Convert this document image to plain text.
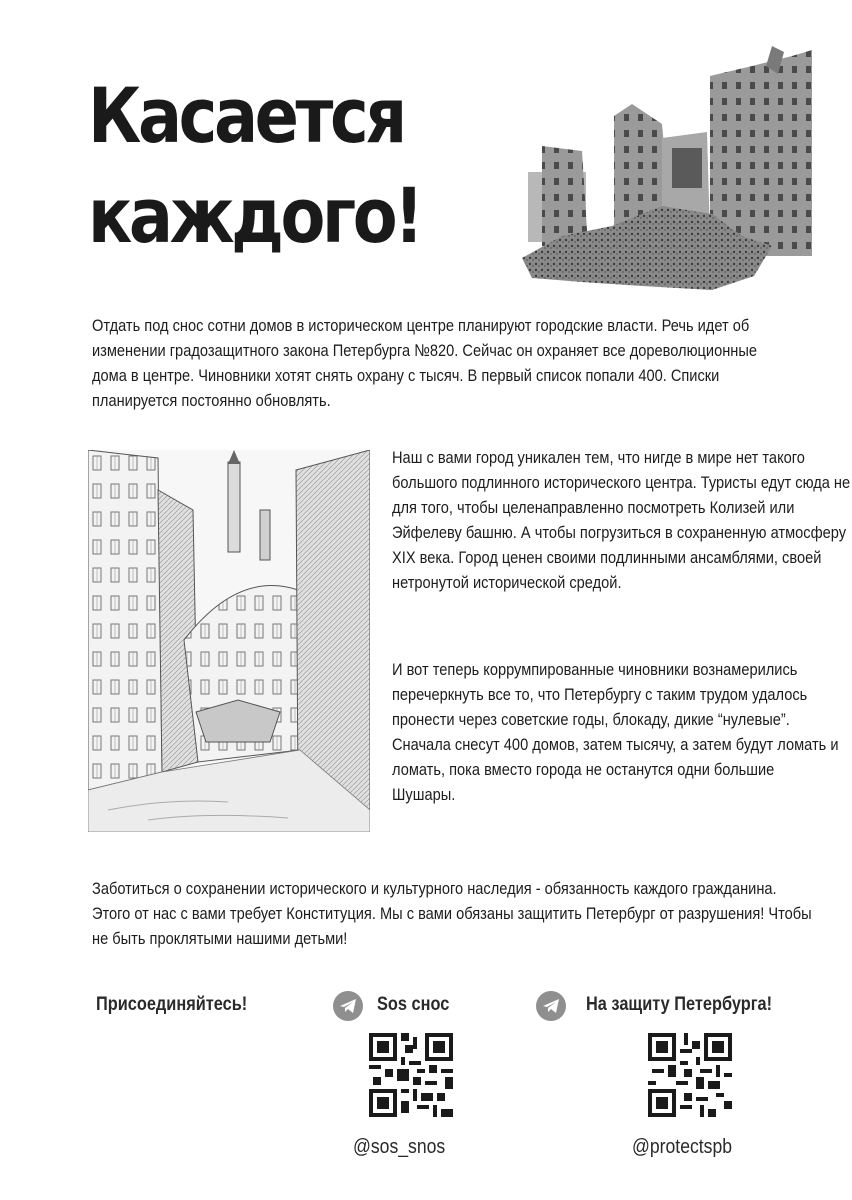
Касается
каждого!

Отдать под снос сотни домов в историческом центре планируют городские власти. Речь идет об изменении градозащитного закона Петербурга №820. Сейчас он охраняет все дореволюционные дома в центре. Чиновники хотят снять охрану с тысяч. В первый список попали 400. Списки планируется постоянно обновлять.

Наш с вами город уникален тем, что нигде в мире нет такого большого подлинного исторического центра. Туристы едут сюда не для того, чтобы целенаправленно посмотреть Колизей или Эйфелеву башню. А чтобы погрузиться в сохраненную атмосферу XIX века. Город ценен своими подлинными ансамблями, своей нетронутой исторической средой.

И вот теперь коррумпированные чиновники вознамерились перечеркнуть все то, что Петербургу с таким трудом удалось пронести через советские годы, блокаду, дикие “нулевые”. Сначала снесут 400 домов, затем тысячу, а затем будут ломать и ломать, пока вместо города не останутся одни большие Шушары.

Заботиться о сохранении исторического и культурного наследия - обязанность каждого гражданина. Этого от нас с вами требует Конституция. Мы с вами обязаны защитить Петербург от разрушения! Чтобы не быть проклятыми нашими детьми!

Присоединяйтесь!	Sos снос	На защиту Петербурга!
@sos_snos	@protectspb
